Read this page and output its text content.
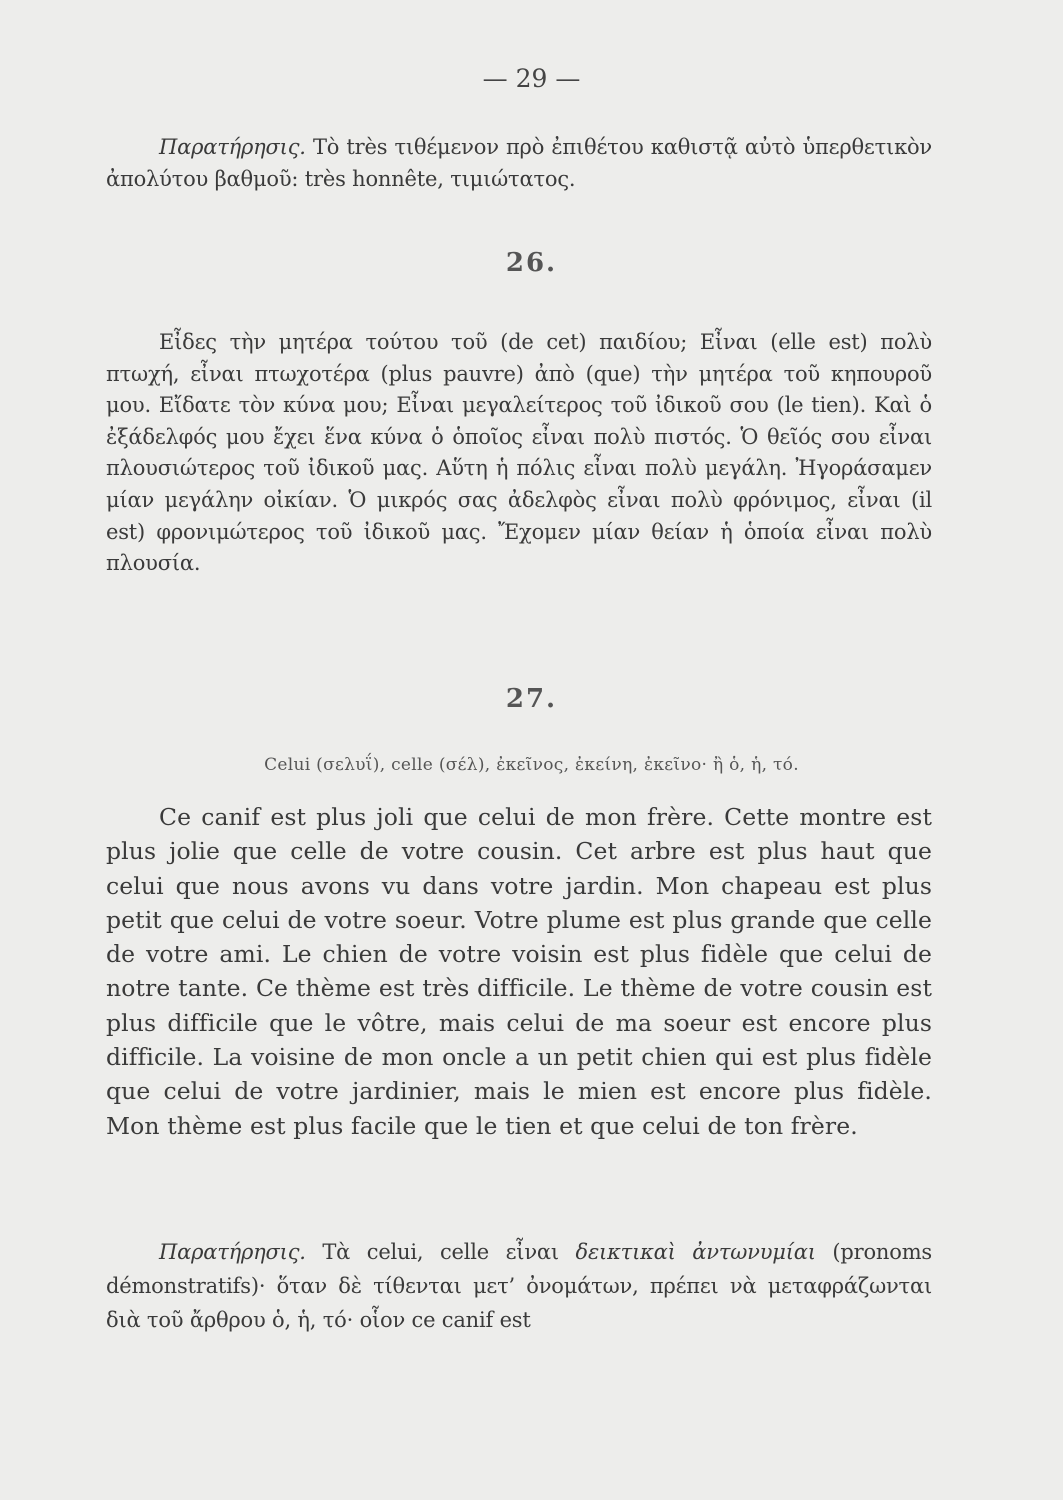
— 29 —

Παρατήρησις. Τὸ très τιθέμενον πρὸ ἐπιθέτου καθιστᾷ αὐτὸ ὑπερθετικὸν ἀπολύτου βαθμοῦ: très honnête, τιμιώτατος.

26.

Εἶδες τὴν μητέρα τούτου τοῦ (de cet) παιδίου; Εἶναι (elle est) πολὺ πτωχή, εἶναι πτωχοτέρα (plus pauvre) ἀπὸ (que) τὴν μητέρα τοῦ κηπουροῦ μου. Εἴδατε τὸν κύνα μου; Εἶναι μεγαλείτερος τοῦ ἰδικοῦ σου (le tien). Καὶ ὁ ἐξάδελφός μου ἔχει ἕνα κύνα ὁ ὁποῖος εἶναι πολὺ πιστός. Ὁ θεῖός σου εἶναι πλουσιώτερος τοῦ ἰδικοῦ μας. Αὕτη ἡ πόλις εἶναι πολὺ μεγάλη. Ἠγοράσαμεν μίαν μεγάλην οἰκίαν. Ὁ μικρός σας ἀδελφὸς εἶναι πολὺ φρόνιμος, εἶναι (il est) φρονιμώτερος τοῦ ἰδικοῦ μας. Ἔχομεν μίαν θείαν ἡ ὁποία εἶναι πολὺ πλουσία.

27.
Celui (σελυΐ), celle (σέλ), ἐκεῖνος, ἐκείνη, ἐκεῖνο· ἢ ὁ, ἡ, τό.

Ce canif est plus joli que celui de mon frère. Cette montre est plus jolie que celle de votre cousin. Cet arbre est plus haut que celui que nous avons vu dans votre jardin. Mon chapeau est plus petit que celui de votre soeur. Votre plume est plus grande que celle de votre ami. Le chien de votre voisin est plus fidèle que celui de notre tante. Ce thème est très difficile. Le thème de votre cousin est plus difficile que le vôtre, mais celui de ma soeur est encore plus difficile. La voisine de mon oncle a un petit chien qui est plus fidèle que celui de votre jardinier, mais le mien est encore plus fidèle. Mon thème est plus facile que le tien et que celui de ton frère.

Παρατήρησις. Τὰ celui, celle εἶναι δεικτικαὶ ἀντωνυμίαι (pronoms démonstratifs)· ὅταν δὲ τίθενται μετ’ ὀνομάτων, πρέπει νὰ μεταφράζωνται διὰ τοῦ ἄρθρου ὁ, ἡ, τό· οἷον ce canif est
